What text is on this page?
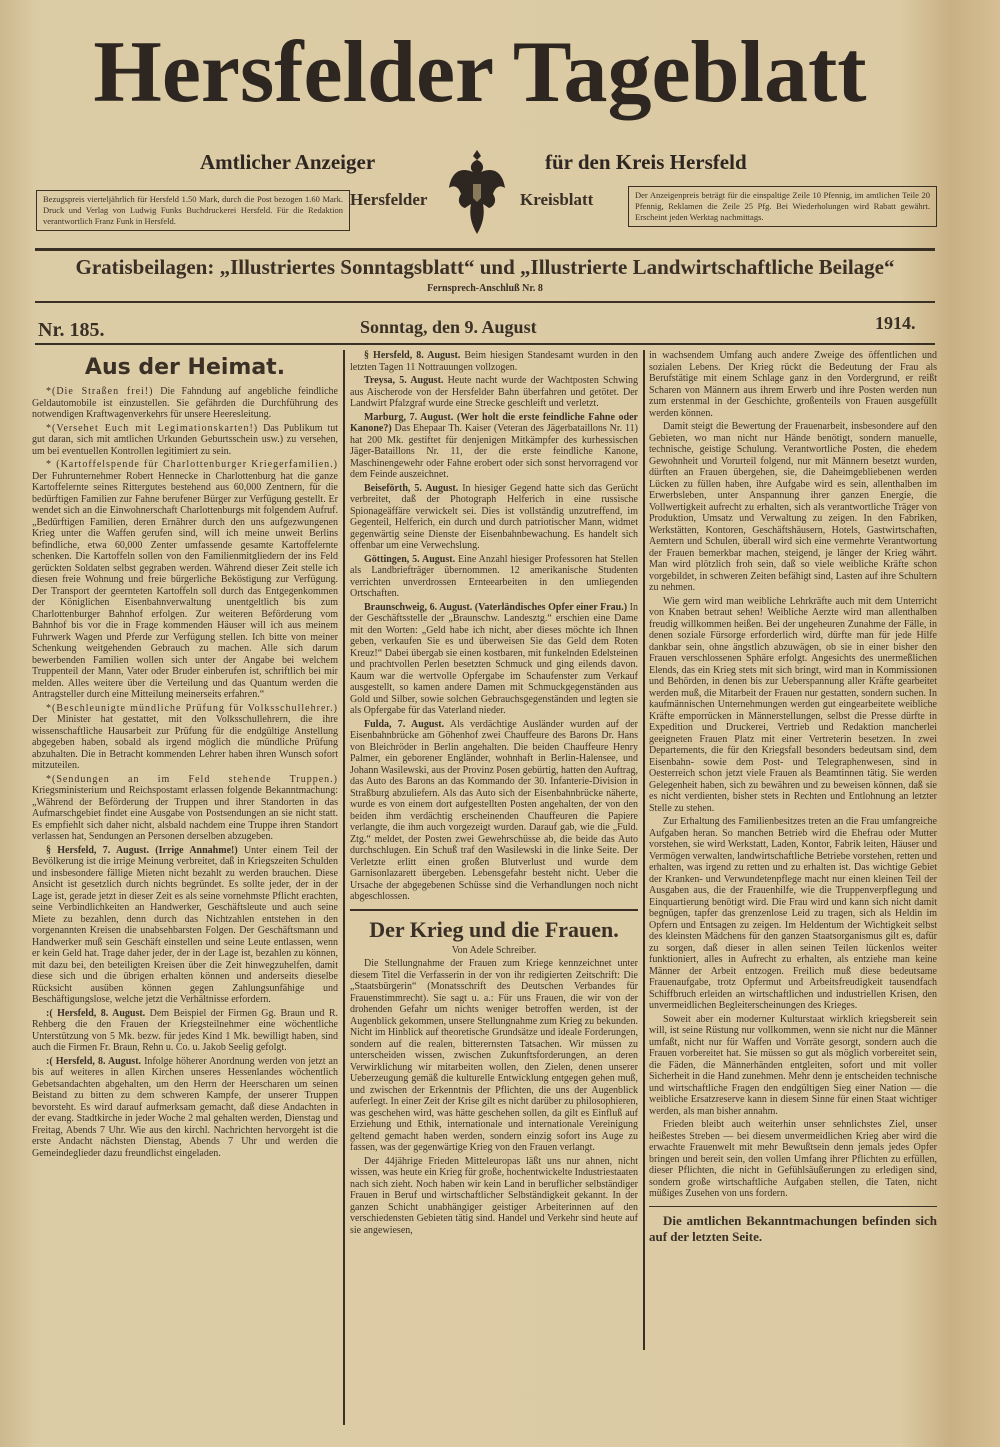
Hersfelder Tageblatt
Amtlicher Anzeiger	für den Kreis Hersfeld
Bezugspreis vierteljährlich für Hersfeld 1.50 Mark, durch die Post bezogen 1.60 Mark. Druck und Verlag von Ludwig Funks Buchdruckerei Hersfeld. Für die Redaktion verantwortlich Franz Funk in Hersfeld.
Der Anzeigenpreis beträgt für die einspaltige Zeile 10 Pfennig, im amtlichen Teile 20 Pfennig, Reklamen die Zeile 25 Pfg. Bei Wiederholungen wird Rabatt gewährt. Erscheint jeden Werktag nachmittags.
Hersfelder	Kreisblatt
Gratisbeilagen: „Illustriertes Sonntagsblatt“ und „Illustrierte Landwirtschaftliche Beilage“
Fernsprech-Anschluß Nr. 8
Nr. 185.	Sonntag, den 9. August	1914.

Aus der Heimat.

*(Die Straßen frei!) Die Fahndung auf angebliche feindliche Geldautomobile ist einzustellen. Sie gefährden die Durchführung des notwendigen Kraftwagenverkehrs für unsere Heeresleitung.

*(Versehet Euch mit Legimationskarten!) Das Publikum tut gut daran, sich mit amtlichen Urkunden Geburtsschein usw.) zu versehen, um bei eventuellen Kontrollen legitimiert zu sein.

* (Kartoffelspende für Charlottenburger Kriegerfamilien.) Der Fuhrunternehmer Robert Hennecke in Charlottenburg hat die ganze Kartoffelernte seines Rittergutes bestehend aus 60,000 Zentnern, für die bedürftigen Familien zur Fahne berufener Bürger zur Verfügung gestellt. Er wendet sich an die Einwohnerschaft Charlottenburgs mit folgendem Aufruf. „Bedürftigen Familien, deren Ernährer durch den uns aufgezwungenen Krieg unter die Waffen gerufen sind, will ich meine unweit Berlins befindliche, etwa 60,000 Zenter umfassende gesamte Kartoffelernte schenken. Die Kartoffeln sollen von den Familienmitgliedern der ins Feld gerückten Soldaten selbst gegraben werden. Während dieser Zeit stelle ich diesen freie Wohnung und freie bürgerliche Beköstigung zur Verfügung. Der Transport der geernteten Kartoffeln soll durch das Entgegenkommen der Königlichen Eisenbahnverwaltung unentgeltlich bis zum Charlottenburger Bahnhof erfolgen. Zur weiteren Beförderung vom Bahnhof bis vor die in Frage kommenden Häuser will ich aus meinem Fuhrwerk Wagen und Pferde zur Verfügung stellen. Ich bitte von meiner Schenkung weitgehenden Gebrauch zu machen. Alle sich darum bewerbenden Familien wollen sich unter der Angabe bei welchem Truppenteil der Mann, Vater oder Bruder einberufen ist, schriftlich bei mir melden. Alles weitere über die Verteilung und das Quantum werden die Antragsteller durch eine Mitteilung meinerseits erfahren.“

*(Beschleunigte mündliche Prüfung für Volksschullehrer.) Der Minister hat gestattet, mit den Volksschullehrern, die ihre wissenschaftliche Hausarbeit zur Prüfung für die endgültige Anstellung abgegeben haben, sobald als irgend möglich die mündliche Prüfung abzuhalten. Die in Betracht kommenden Lehrer haben ihren Wunsch sofort mitzuteilen.

*(Sendungen an im Feld stehende Truppen.) Kriegsministerium und Reichspostamt erlassen folgende Bekanntmachung: „Während der Beförderung der Truppen und ihrer Standorten in das Aufmarschgebiet findet eine Ausgabe von Postsendungen an sie nicht statt. Es empfiehlt sich daher nicht, alsbald nachdem eine Truppe ihren Standort verlassen hat, Sendungen an Personen derselben abzugeben.

§ Hersfeld, 7. August. (Irrige Annahme!) Unter einem Teil der Bevölkerung ist die irrige Meinung verbreitet, daß in Kriegszeiten Schulden und insbesondere fällige Mieten nicht bezahlt zu werden brauchen. Diese Ansicht ist gesetzlich durch nichts begründet. Es sollte jeder, der in der Lage ist, gerade jetzt in dieser Zeit es als seine vornehmste Pflicht erachten, seine Verbindlichkeiten an Handwerker, Geschäftsleute und auch seine Miete zu bezahlen, denn durch das Nichtzahlen entstehen in den vorgenannten Kreisen die unabsehbarsten Folgen. Der Geschäftsmann und Handwerker muß sein Geschäft einstellen und seine Leute entlassen, wenn er kein Geld hat. Trage daher jeder, der in der Lage ist, bezahlen zu können, mit dazu bei, den beteiligten Kreisen über die Zeit hinwegzuhelfen, damit diese sich und die übrigen erhalten können und anderseits dieselbe Rücksicht ausüben können gegen Zahlungsunfähige und Beschäftigungslose, welche jetzt die Verhältnisse erfordern.

:( Hersfeld, 8. August. Dem Beispiel der Firmen Gg. Braun und R. Rehberg die den Frauen der Kriegsteilnehmer eine wöchentliche Unterstützung von 5 Mk. bezw. für jedes Kind 1 Mk. bewilligt haben, sind auch die Firmen Fr. Braun, Rehn u. Co. u. Jakob Seelig gefolgt.

:( Hersfeld, 8. August. Infolge höherer Anordnung werden von jetzt an bis auf weiteres in allen Kirchen unseres Hessenlandes wöchentlich Gebetsandachten abgehalten, um den Herrn der Heerscharen um seinen Beistand zu bitten zu dem schweren Kampfe, der unserer Truppen bevorsteht. Es wird darauf aufmerksam gemacht, daß diese Andachten in der evang. Stadtkirche in jeder Woche 2 mal gehalten werden, Dienstag und Freitag, Abends 7 Uhr. Wie aus den kirchl. Nachrichten hervorgeht ist die erste Andacht nächsten Dienstag, Abends 7 Uhr und werden die Gemeindeglieder dazu freundlichst eingeladen.

§ Hersfeld, 8. August. Beim hiesigen Standesamt wurden in den letzten Tagen 11 Nottrauungen vollzogen.

Treysa, 5. August. Heute nacht wurde der Wachtposten Schwing aus Aischerode von der Hersfelder Bahn überfahren und getötet. Der Landwirt Pfalzgraf wurde eine Strecke geschleift und verletzt.

Marburg, 7. August. (Wer holt die erste feindliche Fahne oder Kanone?) Das Ehepaar Th. Kaiser (Veteran des Jägerbataillons Nr. 11) hat 200 Mk. gestiftet für denjenigen Mitkämpfer des kurhessischen Jäger-Bataillons Nr. 11, der die erste feindliche Kanone, Maschinengewehr oder Fahne erobert oder sich sonst hervorragend vor dem Feinde auszeichnet.

Beiseförth, 5. August. In hiesiger Gegend hatte sich das Gerücht verbreitet, daß der Photograph Helferich in eine russische Spionageäffäre verwickelt sei. Dies ist vollständig unzutreffend, im Gegenteil, Helferich, ein durch und durch patriotischer Mann, widmet gegenwärtig seine Dienste der Eisenbahnbewachung. Es handelt sich offenbar um eine Verwechslung.

Göttingen, 5. August. Eine Anzahl hiesiger Professoren hat Stellen als Landbriefträger übernommen. 12 amerikanische Studenten verrichten unverdrossen Ernteearbeiten in den umliegenden Ortschaften.

Braunschweig, 6. August. (Vaterländisches Opfer einer Frau.) In der Geschäftsstelle der „Braunschw. Landesztg.“ erschien eine Dame mit den Worten: „Geld habe ich nicht, aber dieses möchte ich Ihnen geben, verkaufen Sie es und überweisen Sie das Geld dem Roten Kreuz!“ Dabei übergab sie einen kostbaren, mit funkelnden Edelsteinen und prachtvollen Perlen besetzten Schmuck und ging eilends davon. Kaum war die wertvolle Opfergabe im Schaufenster zum Verkauf ausgestellt, so kamen andere Damen mit Schmuckgegenständen aus Gold und Silber, sowie solchen Gebrauchsgegenständen und legten sie als Opfergabe für das Vaterland nieder.

Fulda, 7. August. Als verdächtige Ausländer wurden auf der Eisenbahnbrücke am Göhenhof zwei Chauffeure des Barons Dr. Hans von Bleichröder in Berlin angehalten. Die beiden Chauffeure Henry Palmer, ein geborener Engländer, wohnhaft in Berlin-Halensee, und Johann Wasilewski, aus der Provinz Posen gebürtig, hatten den Auftrag, das Auto des Barons an das Kommando der 30. Infanterie-Division in Straßburg abzuliefern. Als das Auto sich der Eisenbahnbrücke näherte, wurde es von einem dort aufgestellten Posten angehalten, der von den beiden ihm verdächtig erscheinenden Chauffeuren die Papiere verlangte, die ihm auch vorgezeigt wurden. Darauf gab, wie die „Fuld. Ztg.“ meldet, der Posten zwei Gewehrschüsse ab, die beide das Auto durchschlugen. Ein Schuß traf den Wasilewski in die linke Seite. Der Verletzte erlitt einen großen Blutverlust und wurde dem Garnisonlazarett übergeben. Lebensgefahr besteht nicht. Ueber die Ursache der abgegebenen Schüsse sind die Verhandlungen noch nicht abgeschlossen.

Der Krieg und die Frauen.

Von Adele Schreiber.

Die Stellungnahme der Frauen zum Kriege kennzeichnet unter diesem Titel die Verfasserin in der von ihr redigierten Zeitschrift: Die „Staatsbürgerin“ (Monatsschrift des Deutschen Verbandes für Frauenstimmrecht). Sie sagt u. a.: Für uns Frauen, die wir von der drohenden Gefahr um nichts weniger betroffen werden, ist der Augenblick gekommen, unsere Stellungnahme zum Krieg zu bekunden. Nicht im Hinblick auf theoretische Grundsätze und ideale Forderungen, sondern auf die realen, bitterernsten Tatsachen. Wir müssen zu unterscheiden wissen, zwischen Zukunftsforderungen, an deren Verwirklichung wir mitarbeiten wollen, den Zielen, denen unserer Ueberzeugung gemäß die kulturelle Entwicklung entgegen gehen muß, und zwischen der Erkenntnis der Pflichten, die uns der Augenblick auferlegt. In einer Zeit der Krise gilt es nicht darüber zu philosophieren, was geschehen wird, was hätte geschehen sollen, da gilt es Einfluß auf Erziehung und Ethik, internationale und internationale Vereinigung geltend gemacht haben werden, sondern einzig sofort ins Auge zu fassen, was der gegenwärtige Krieg von den Frauen verlangt.

Der 44jährige Frieden Mitteleuropas läßt uns nur ahnen, nicht wissen, was heute ein Krieg für große, hochentwickelte Industriestaaten nach sich zieht. Noch haben wir kein Land in beruflicher selbständiger Frauen in Beruf und wirtschaftlicher Selbständigkeit gekannt. In der ganzen Schicht unabhängiger geistiger Arbeiterinnen auf den verschiedensten Gebieten tätig sind. Handel und Verkehr sind heute auf sie angewiesen,

in wachsendem Umfang auch andere Zweige des öffentlichen und sozialen Lebens. Der Krieg rückt die Bedeutung der Frau als Berufstätige mit einem Schlage ganz in den Vordergrund, er reißt Scharen von Männern aus ihrem Erwerb und ihre Posten werden nun zum erstenmal in der Geschichte, großenteils von Frauen ausgefüllt werden können.

Damit steigt die Bewertung der Frauenarbeit, insbesondere auf den Gebieten, wo man nicht nur Hände benötigt, sondern manuelle, technische, geistige Schulung. Verantwortliche Posten, die ehedem Gewohnheit und Vorurteil folgend, nur mit Männern besetzt wurden, dürften an Frauen übergehen, sie, die Daheimgebliebenen werden Lücken zu füllen haben, ihre Aufgabe wird es sein, allenthalben im Erwerbsleben, unter Anspannung ihrer ganzen Energie, die Vollwertigkeit aufrecht zu erhalten, sich als verantwortliche Träger von Produktion, Umsatz und Verwaltung zu zeigen. In den Fabriken, Werkstätten, Kontoren, Geschäftshäusern, Hotels, Gastwirtschaften, Aemtern und Schulen, überall wird sich eine vermehrte Verantwortung der Frauen bemerkbar machen, steigend, je länger der Krieg währt. Man wird plötzlich froh sein, daß so viele weibliche Kräfte schon vorgebildet, in schweren Zeiten befähigt sind, Lasten auf ihre Schultern zu nehmen.

Wie gern wird man weibliche Lehrkräfte auch mit dem Unterricht von Knaben betraut sehen! Weibliche Aerzte wird man allenthalben freudig willkommen heißen. Bei der ungeheuren Zunahme der Fälle, in denen soziale Fürsorge erforderlich wird, dürfte man für jede Hilfe dankbar sein, ohne ängstlich abzuwägen, ob sie in einer bisher den Frauen verschlossenen Sphäre erfolgt. Angesichts des unermeßlichen Elends, das ein Krieg stets mit sich bringt, wird man in Kommissionen und Behörden, in denen bis zur Ueberspannung aller Kräfte gearbeitet werden muß, die Mitarbeit der Frauen nur gestatten, sondern suchen. In kaufmännischen Unternehmungen werden gut eingearbeitete weibliche Kräfte emporrücken in Männerstellungen, selbst die Presse dürfte in Expedition und Druckerei, Vertrieb und Redaktion mancherlei geeigneten Frauen Platz mit einer Vertreterin besetzen. In zwei Departements, die für den Kriegsfall besonders bedeutsam sind, dem Eisenbahn- sowie dem Post- und Telegraphenwesen, sind in Oesterreich schon jetzt viele Frauen als Beamtinnen tätig. Sie werden Gelegenheit haben, sich zu bewähren und zu beweisen können, daß sie es nicht verdienten, bisher stets in Rechten und Entlohnung an letzter Stelle zu stehen.

Zur Erhaltung des Familienbesitzes treten an die Frau umfangreiche Aufgaben heran. So manchen Betrieb wird die Ehefrau oder Mutter vorstehen, sie wird Werkstatt, Laden, Kontor, Fabrik leiten, Häuser und Vermögen verwalten, landwirtschaftliche Betriebe vorstehen, retten und erhalten, was irgend zu retten und zu erhalten ist. Das wichtige Gebiet der Kranken- und Verwundetenpflege macht nur einen kleinen Teil der Ausgaben aus, die der Frauenhilfe, wie die Truppenverpflegung und Einquartierung benötigt wird. Die Frau wird und kann sich nicht damit begnügen, tapfer das grenzenlose Leid zu tragen, sich als Heldin im Opfern und Entsagen zu zeigen. Im Heldentum der Wichtigkeit selbst des kleinsten Mädchens für den ganzen Staatsorganismus gilt es, dafür zu sorgen, daß dieser in allen seinen Teilen lückenlos weiter funktioniert, alles in Aufrecht zu erhalten, als entziehe man keine Männer der Arbeit entzogen. Freilich muß diese bedeutsame Frauenaufgabe, trotz Opfermut und Arbeitsfreudigkeit tausendfach Schiffbruch erleiden an wirtschaftlichen und industriellen Krisen, den unvermeidlichen Begleiterscheinungen des Krieges.

Soweit aber ein moderner Kulturstaat wirklich kriegsbereit sein will, ist seine Rüstung nur vollkommen, wenn sie nicht nur die Männer umfaßt, nicht nur für Waffen und Vorräte gesorgt, sondern auch die Frauen vorbereitet hat. Sie müssen so gut als möglich vorbereitet sein, die Fäden, die Männerhänden entgleiten, sofort und mit voller Sicherheit in die Hand zunehmen. Mehr denn je entscheiden technische und wirtschaftliche Fragen den endgültigen Sieg einer Nation — die weibliche Ersatzreserve kann in diesem Sinne für einen Staat wichtiger werden, als man bisher annahm.

Frieden bleibt auch weiterhin unser sehnlichstes Ziel, unser heißestes Streben — bei diesem unvermeidlichen Krieg aber wird die erwachte Frauenwelt mit mehr Bewußtsein denn jemals jedes Opfer bringen und bereit sein, den vollen Umfang ihrer Pflichten zu erfüllen, dieser Pflichten, die nicht in Gefühlsäußerungen zu erledigen sind, sondern große wirtschaftliche Aufgaben stellen, die Taten, nicht müßiges Zusehen von uns fordern.

Die amtlichen Bekanntmachungen befinden sich auf der letzten Seite.
